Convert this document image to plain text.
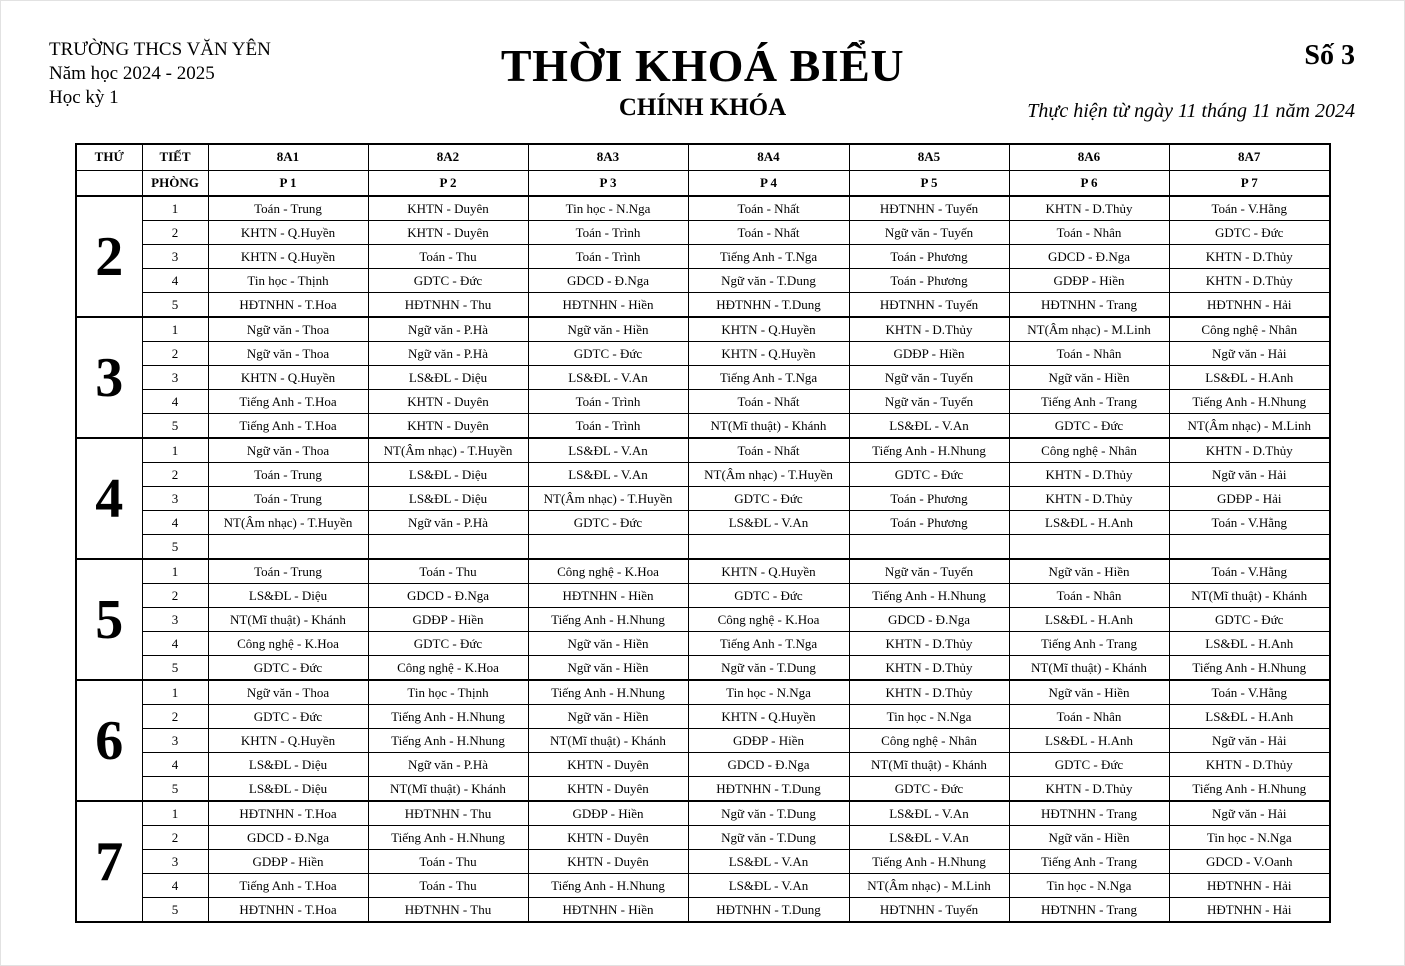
TRƯỜNG THCS VĂN YÊN
Năm học 2024 - 2025
Học kỳ 1
THỜI KHOÁ BIỂU
CHÍNH KHÓA
Số 3
Thực hiện từ ngày 11 tháng 11 năm 2024
THỨ	TIẾT	8A1	8A2	8A3	8A4	8A5	8A6	8A7
	PHÒNG	P 1	P 2	P 3	P 4	P 5	P 6	P 7
2	1	Toán - Trung	KHTN - Duyên	Tin học - N.Nga	Toán - Nhất	HĐTNHN - Tuyến	KHTN - D.Thủy	Toán - V.Hằng
	2	KHTN - Q.Huyền	KHTN - Duyên	Toán - Trình	Toán - Nhất	Ngữ văn - Tuyến	Toán - Nhân	GDTC - Đức
	3	KHTN - Q.Huyền	Toán - Thu	Toán - Trình	Tiếng Anh - T.Nga	Toán - Phương	GDCD - Đ.Nga	KHTN - D.Thủy
	4	Tin học - Thịnh	GDTC - Đức	GDCD - Đ.Nga	Ngữ văn - T.Dung	Toán - Phương	GDĐP - Hiền	KHTN - D.Thủy
	5	HĐTNHN - T.Hoa	HĐTNHN - Thu	HĐTNHN - Hiền	HĐTNHN - T.Dung	HĐTNHN - Tuyến	HĐTNHN - Trang	HĐTNHN - Hải
3	1	Ngữ văn - Thoa	Ngữ văn - P.Hà	Ngữ văn - Hiền	KHTN - Q.Huyền	KHTN - D.Thủy	NT(Âm nhạc) - M.Linh	Công nghệ - Nhân
	2	Ngữ văn - Thoa	Ngữ văn - P.Hà	GDTC - Đức	KHTN - Q.Huyền	GDĐP - Hiền	Toán - Nhân	Ngữ văn - Hải
	3	KHTN - Q.Huyền	LS&ĐL - Diệu	LS&ĐL - V.An	Tiếng Anh - T.Nga	Ngữ văn - Tuyến	Ngữ văn - Hiền	LS&ĐL - H.Anh
	4	Tiếng Anh - T.Hoa	KHTN - Duyên	Toán - Trình	Toán - Nhất	Ngữ văn - Tuyến	Tiếng Anh - Trang	Tiếng Anh - H.Nhung
	5	Tiếng Anh - T.Hoa	KHTN - Duyên	Toán - Trình	NT(Mĩ thuật) - Khánh	LS&ĐL - V.An	GDTC - Đức	NT(Âm nhạc) - M.Linh
4	1	Ngữ văn - Thoa	NT(Âm nhạc) - T.Huyền	LS&ĐL - V.An	Toán - Nhất	Tiếng Anh - H.Nhung	Công nghệ - Nhân	KHTN - D.Thủy
	2	Toán - Trung	LS&ĐL - Diệu	LS&ĐL - V.An	NT(Âm nhạc) - T.Huyền	GDTC - Đức	KHTN - D.Thủy	Ngữ văn - Hải
	3	Toán - Trung	LS&ĐL - Diệu	NT(Âm nhạc) - T.Huyền	GDTC - Đức	Toán - Phương	KHTN - D.Thủy	GDĐP - Hải
	4	NT(Âm nhạc) - T.Huyền	Ngữ văn - P.Hà	GDTC - Đức	LS&ĐL - V.An	Toán - Phương	LS&ĐL - H.Anh	Toán - V.Hằng
	5							
5	1	Toán - Trung	Toán - Thu	Công nghệ - K.Hoa	KHTN - Q.Huyền	Ngữ văn - Tuyến	Ngữ văn - Hiền	Toán - V.Hằng
	2	LS&ĐL - Diệu	GDCD - Đ.Nga	HĐTNHN - Hiền	GDTC - Đức	Tiếng Anh - H.Nhung	Toán - Nhân	NT(Mĩ thuật) - Khánh
	3	NT(Mĩ thuật) - Khánh	GDĐP - Hiền	Tiếng Anh - H.Nhung	Công nghệ - K.Hoa	GDCD - Đ.Nga	LS&ĐL - H.Anh	GDTC - Đức
	4	Công nghệ - K.Hoa	GDTC - Đức	Ngữ văn - Hiền	Tiếng Anh - T.Nga	KHTN - D.Thủy	Tiếng Anh - Trang	LS&ĐL - H.Anh
	5	GDTC - Đức	Công nghệ - K.Hoa	Ngữ văn - Hiền	Ngữ văn - T.Dung	KHTN - D.Thủy	NT(Mĩ thuật) - Khánh	Tiếng Anh - H.Nhung
6	1	Ngữ văn - Thoa	Tin học - Thịnh	Tiếng Anh - H.Nhung	Tin học - N.Nga	KHTN - D.Thủy	Ngữ văn - Hiền	Toán - V.Hằng
	2	GDTC - Đức	Tiếng Anh - H.Nhung	Ngữ văn - Hiền	KHTN - Q.Huyền	Tin học - N.Nga	Toán - Nhân	LS&ĐL - H.Anh
	3	KHTN - Q.Huyền	Tiếng Anh - H.Nhung	NT(Mĩ thuật) - Khánh	GDĐP - Hiền	Công nghệ - Nhân	LS&ĐL - H.Anh	Ngữ văn - Hải
	4	LS&ĐL - Diệu	Ngữ văn - P.Hà	KHTN - Duyên	GDCD - Đ.Nga	NT(Mĩ thuật) - Khánh	GDTC - Đức	KHTN - D.Thủy
	5	LS&ĐL - Diệu	NT(Mĩ thuật) - Khánh	KHTN - Duyên	HĐTNHN - T.Dung	GDTC - Đức	KHTN - D.Thủy	Tiếng Anh - H.Nhung
7	1	HĐTNHN - T.Hoa	HĐTNHN - Thu	GDĐP - Hiền	Ngữ văn - T.Dung	LS&ĐL - V.An	HĐTNHN - Trang	Ngữ văn - Hải
	2	GDCD - Đ.Nga	Tiếng Anh - H.Nhung	KHTN - Duyên	Ngữ văn - T.Dung	LS&ĐL - V.An	Ngữ văn - Hiền	Tin học - N.Nga
	3	GDĐP - Hiền	Toán - Thu	KHTN - Duyên	LS&ĐL - V.An	Tiếng Anh - H.Nhung	Tiếng Anh - Trang	GDCD - V.Oanh
	4	Tiếng Anh - T.Hoa	Toán - Thu	Tiếng Anh - H.Nhung	LS&ĐL - V.An	NT(Âm nhạc) - M.Linh	Tin học - N.Nga	HĐTNHN - Hải
	5	HĐTNHN - T.Hoa	HĐTNHN - Thu	HĐTNHN - Hiền	HĐTNHN - T.Dung	HĐTNHN - Tuyến	HĐTNHN - Trang	HĐTNHN - Hải
